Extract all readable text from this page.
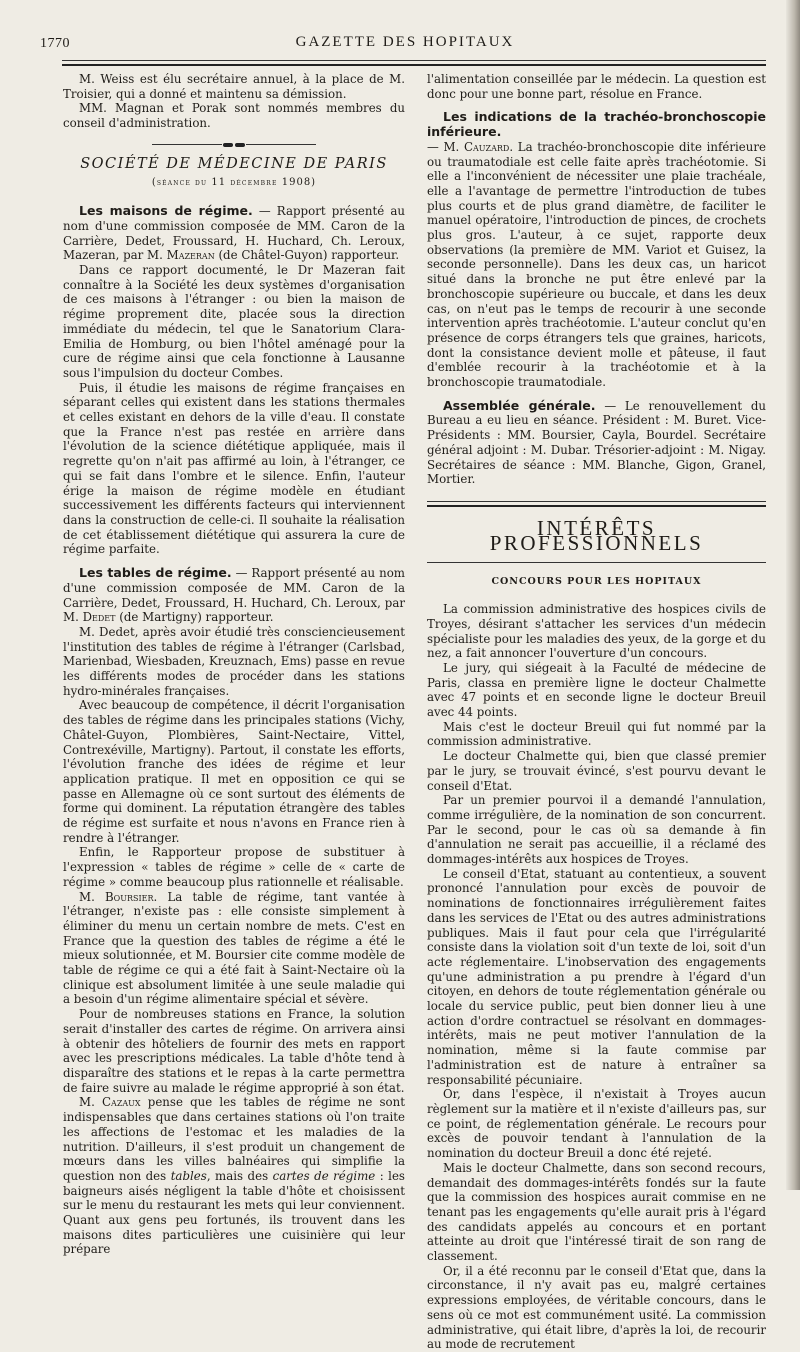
1770	GAZETTE DES HOPITAUX

M. Weiss est élu secrétaire annuel, à la place de M. Troisier, qui a donné et maintenu sa démission.

MM. Magnan et Porak sont nommés membres du conseil d'administration.

SOCIÉTÉ DE MÉDECINE DE PARIS
(séance du 11 décembre 1908)

Les maisons de régime. — Rapport présenté au nom d'une commission composée de MM. Caron de la Carrière, Dedet, Froussard, H. Huchard, Ch. Leroux, Mazeran, par M. Mazeran (de Châtel-Guyon) rapporteur.

Dans ce rapport documenté, le Dr Mazeran fait connaître à la Société les deux systèmes d'organisation de ces maisons à l'étranger : ou bien la maison de régime proprement dite, placée sous la direction immédiate du médecin, tel que le Sanatorium Clara-Emilia de Homburg, ou bien l'hôtel aménagé pour la cure de régime ainsi que cela fonctionne à Lausanne sous l'impulsion du docteur Combes.

Puis, il étudie les maisons de régime françaises en séparant celles qui existent dans les stations thermales et celles existant en dehors de la ville d'eau. Il constate que la France n'est pas restée en arrière dans l'évolution de la science diététique appliquée, mais il regrette qu'on n'ait pas affirmé au loin, à l'étranger, ce qui se fait dans l'ombre et le silence. Enfin, l'auteur érige la maison de régime modèle en étudiant successivement les différents facteurs qui interviennent dans la construction de celle-ci. Il souhaite la réalisation de cet établissement diététique qui assurera la cure de régime parfaite.

Les tables de régime. — Rapport présenté au nom d'une commission composée de MM. Caron de la Carrière, Dedet, Froussard, H. Huchard, Ch. Leroux, par M. Dedet (de Martigny) rapporteur.

M. Dedet, après avoir étudié très consciencieusement l'institution des tables de régime à l'étranger (Carlsbad, Marienbad, Wiesbaden, Kreuznach, Ems) passe en revue les différents modes de procéder dans les stations hydro-minérales françaises.

Avec beaucoup de compétence, il décrit l'organisation des tables de régime dans les principales stations (Vichy, Châtel-Guyon, Plombières, Saint-Nectaire, Vittel, Contrexéville, Martigny). Partout, il constate les efforts, l'évolution franche des idées de régime et leur application pratique. Il met en opposition ce qui se passe en Allemagne où ce sont surtout des éléments de forme qui dominent. La réputation étrangère des tables de régime est surfaite et nous n'avons en France rien à rendre à l'étranger.

Enfin, le Rapporteur propose de substituer à l'expression « tables de régime » celle de « carte de régime » comme beaucoup plus rationnelle et réalisable.

M. Boursier. La table de régime, tant vantée à l'étranger, n'existe pas : elle consiste simplement à éliminer du menu un certain nombre de mets. C'est en France que la question des tables de régime a été le mieux solutionnée, et M. Boursier cite comme modèle de table de régime ce qui a été fait à Saint-Nectaire où la clinique est absolument limitée à une seule maladie qui a besoin d'un régime alimentaire spécial et sévère.

Pour de nombreuses stations en France, la solution serait d'installer des cartes de régime. On arrivera ainsi à obtenir des hôteliers de fournir des mets en rapport avec les prescriptions médicales. La table d'hôte tend à disparaître des stations et le repas à la carte permettra de faire suivre au malade le régime approprié à son état.

M. Cazaux pense que les tables de régime ne sont indispensables que dans certaines stations où l'on traite les affections de l'estomac et les maladies de la nutrition. D'ailleurs, il s'est produit un changement de mœurs dans les villes balnéaires qui simplifie la question non des tables, mais des cartes de régime : les baigneurs aisés négligent la table d'hôte et choisissent sur le menu du restaurant les mets qui leur conviennent. Quant aux gens peu fortunés, ils trouvent dans les maisons dites particulières une cuisinière qui leur prépare

l'alimentation conseillée par le médecin. La question est donc pour une bonne part, résolue en France.

Les indications de la trachéo-bronchoscopie inférieure.
— M. Cauzard. La trachéo-bronchoscopie dite inférieure ou traumatodiale est celle faite après trachéotomie. Si elle a l'inconvénient de nécessiter une plaie trachéale, elle a l'avantage de permettre l'introduction de tubes plus courts et de plus grand diamètre, de faciliter le manuel opératoire, l'introduction de pinces, de crochets plus gros. L'auteur, à ce sujet, rapporte deux observations (la première de MM. Variot et Guisez, la seconde personnelle). Dans les deux cas, un haricot situé dans la bronche ne put être enlevé par la bronchoscopie supérieure ou buccale, et dans les deux cas, on n'eut pas le temps de recourir à une seconde intervention après trachéotomie. L'auteur conclut qu'en présence de corps étrangers tels que graines, haricots, dont la consistance devient molle et pâteuse, il faut d'emblée recourir à la trachéotomie et à la bronchoscopie traumatodiale.

Assemblée générale. — Le renouvellement du Bureau a eu lieu en séance. Président : M. Buret. Vice-Présidents : MM. Boursier, Cayla, Bourdel. Secrétaire général adjoint : M. Dubar. Trésorier-adjoint : M. Nigay. Secrétaires de séance : MM. Blanche, Gigon, Granel, Mortier.

INTÉRÊTS PROFESSIONNELS
CONCOURS POUR LES HOPITAUX

La commission administrative des hospices civils de Troyes, désirant s'attacher les services d'un médecin spécialiste pour les maladies des yeux, de la gorge et du nez, a fait annoncer l'ouverture d'un concours.

Le jury, qui siégeait à la Faculté de médecine de Paris, classa en première ligne le docteur Chalmette avec 47 points et en seconde ligne le docteur Breuil avec 44 points.

Mais c'est le docteur Breuil qui fut nommé par la commission administrative.

Le docteur Chalmette qui, bien que classé premier par le jury, se trouvait évincé, s'est pourvu devant le conseil d'Etat.

Par un premier pourvoi il a demandé l'annulation, comme irrégulière, de la nomination de son concurrent. Par le second, pour le cas où sa demande à fin d'annulation ne serait pas accueillie, il a réclamé des dommages-intérêts aux hospices de Troyes.

Le conseil d'Etat, statuant au contentieux, a souvent prononcé l'annulation pour excès de pouvoir de nominations de fonctionnaires irrégulièrement faites dans les services de l'Etat ou des autres administrations publiques. Mais il faut pour cela que l'irrégularité consiste dans la violation soit d'un texte de loi, soit d'un acte réglementaire. L'inobservation des engagements qu'une administration a pu prendre à l'égard d'un citoyen, en dehors de toute réglementation générale ou locale du service public, peut bien donner lieu à une action d'ordre contractuel se résolvant en dommages-intérêts, mais ne peut motiver l'annulation de la nomination, même si la faute commise par l'administration est de nature à entraîner sa responsabilité pécuniaire.

Or, dans l'espèce, il n'existait à Troyes aucun règlement sur la matière et il n'existe d'ailleurs pas, sur ce point, de réglementation générale. Le recours pour excès de pouvoir tendant à l'annulation de la nomination du docteur Breuil a donc été rejeté.

Mais le docteur Chalmette, dans son second recours, demandait des dommages-intérêts fondés sur la faute que la commission des hospices aurait commise en ne tenant pas les engagements qu'elle aurait pris à l'égard des candidats appelés au concours et en portant atteinte au droit que l'intéressé tirait de son rang de classement.

Or, il a été reconnu par le conseil d'Etat que, dans la circonstance, il n'y avait pas eu, malgré certaines expressions employées, de véritable concours, dans le sens où ce mot est communément usité. La commission administrative, qui était libre, d'après la loi, de recourir au mode de recrutement
